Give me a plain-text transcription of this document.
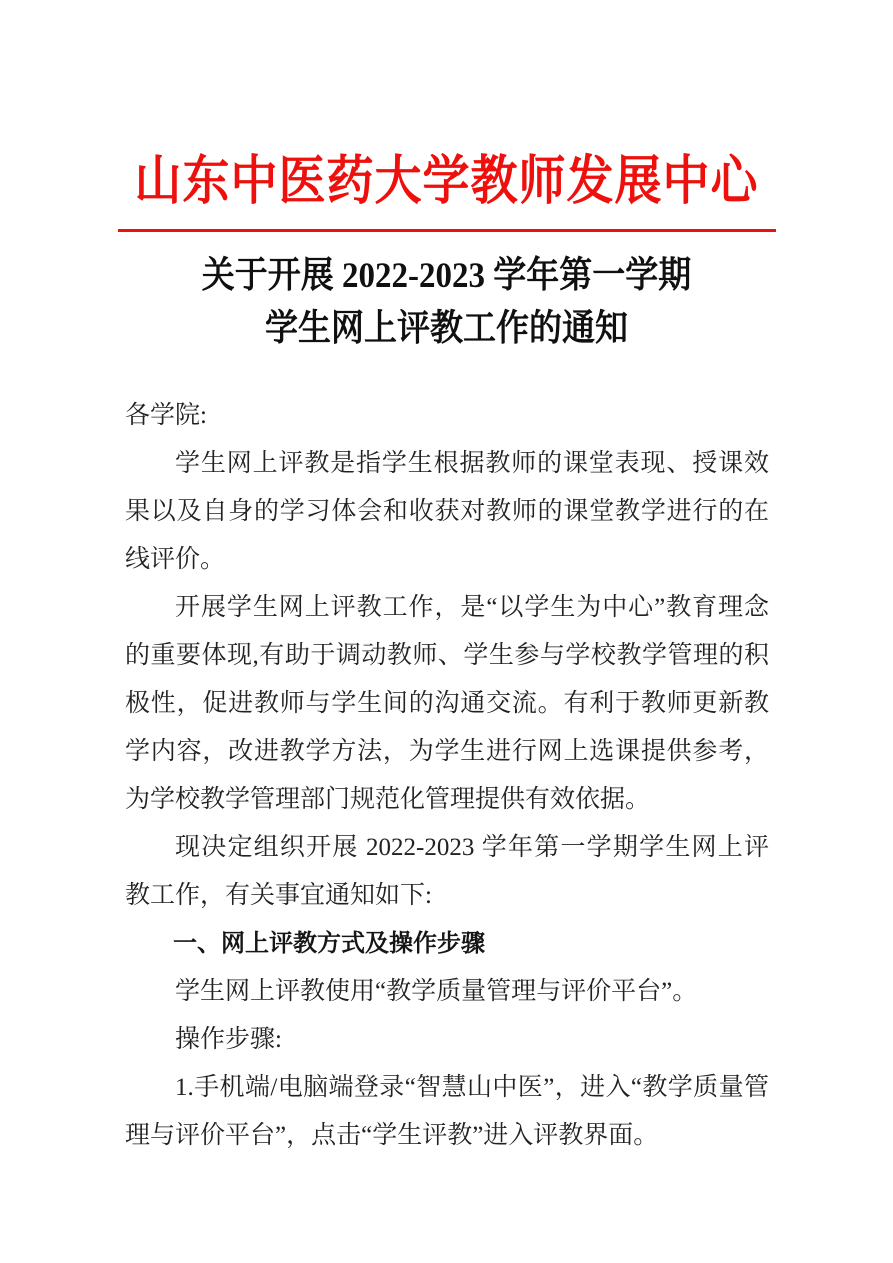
山东中医药大学教师发展中心
关于开展 2022-2023 学年第一学期
学生网上评教工作的通知

各学院:

学生网上评教是指学生根据教师的课堂表现、授课效果以及自身的学习体会和收获对教师的课堂教学进行的在线评价。

开展学生网上评教工作，是“以学生为中心”教育理念的重要体现,有助于调动教师、学生参与学校教学管理的积极性，促进教师与学生间的沟通交流。有利于教师更新教学内容，改进教学方法，为学生进行网上选课提供参考，为学校教学管理部门规范化管理提供有效依据。

现决定组织开展 2022-2023 学年第一学期学生网上评教工作，有关事宜通知如下:

一、网上评教方式及操作步骤

学生网上评教使用“教学质量管理与评价平台”。

操作步骤:

1.手机端/电脑端登录“智慧山中医”，进入“教学质量管理与评价平台”，点击“学生评教”进入评教界面。
